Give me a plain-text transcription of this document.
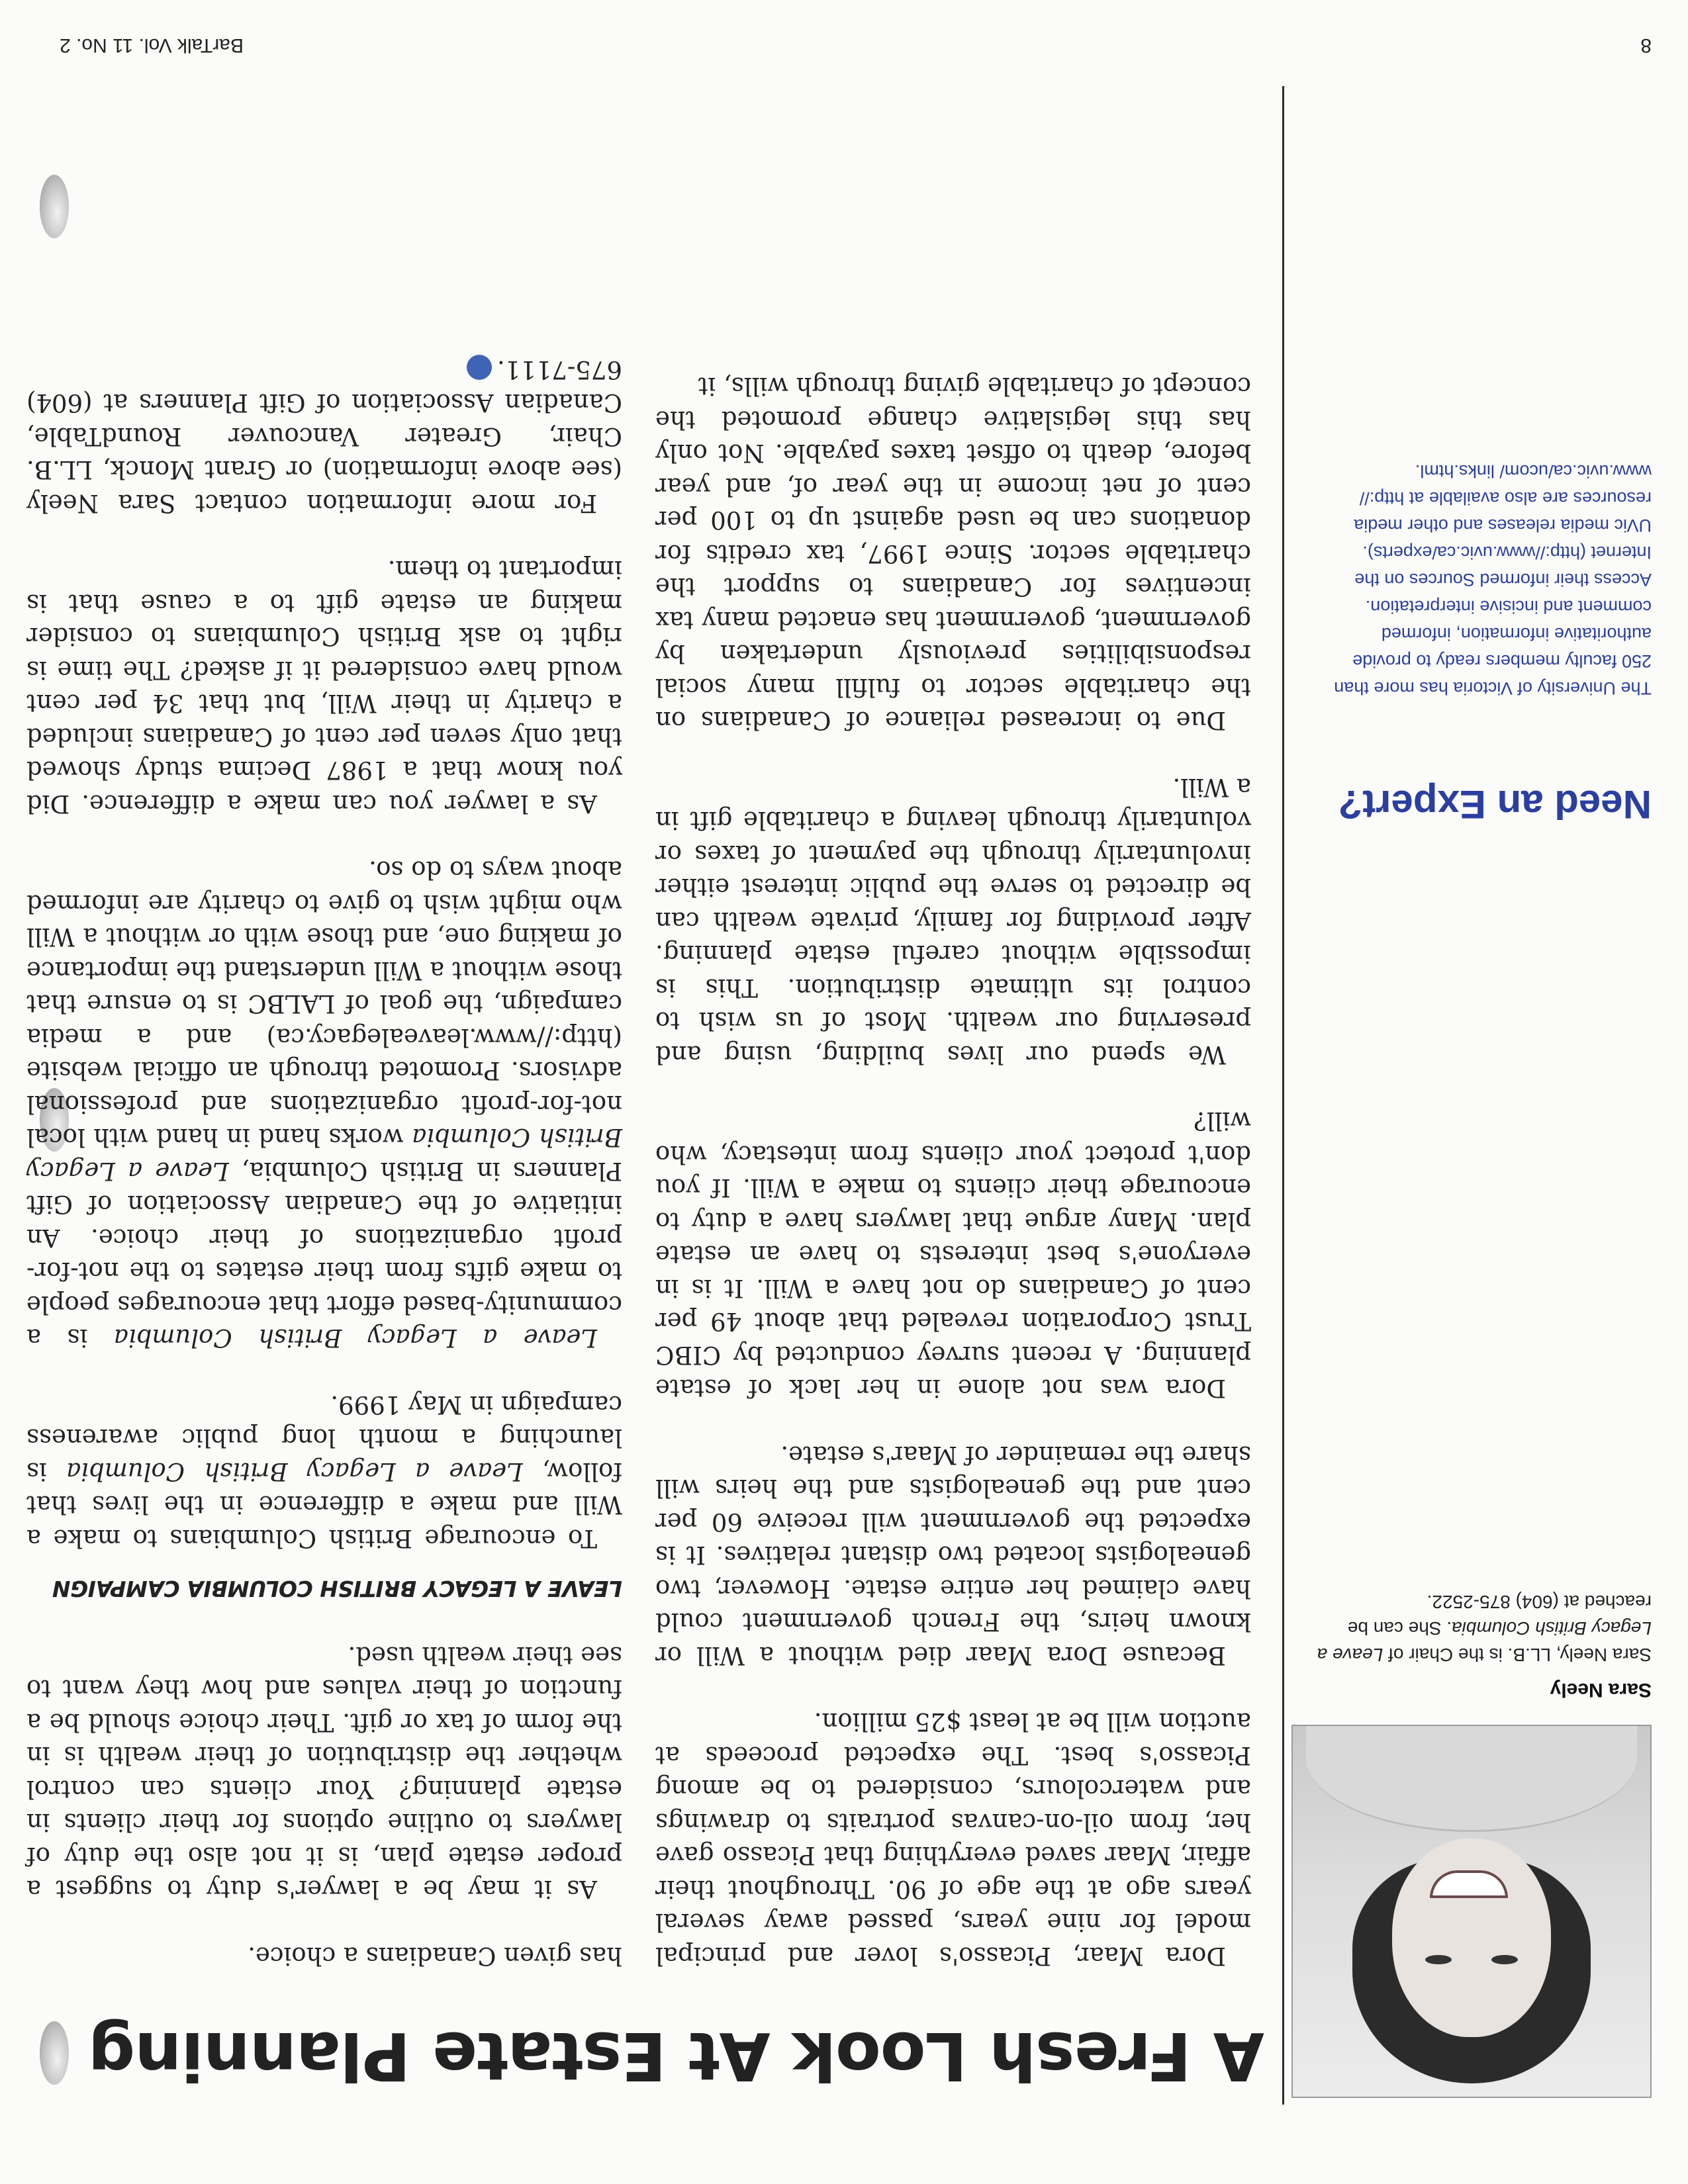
Sara Neely
Sara Neely, LL.B. is the Chair of Leave a Legacy British Columbia. She can be reached at (604) 875-2522.
Need an Expert?
The University of Victoria has more than 250 faculty members ready to provide authoritative information, informed comment and incisive interpretation. Access their informed Sources on the Internet (http://www.uvic.ca/experts). UVic media releases and other media resources are also available at http:// www.uvic.ca/ucom/ links.html.
A Fresh Look At Estate Planning

Dora Maar, Picasso's lover and principal model for nine years, passed away several years ago at the age of 90. Throughout their affair, Maar saved everything that Picasso gave her, from oil-on-canvas portraits to drawings and watercolours, considered to be among Picasso's best. The expected proceeds at auction will be at least $25 million.

Because Dora Maar died without a Will or known heirs, the French government could have claimed her entire estate. However, two genealogists located two distant relatives. It is expected the government will receive 60 per cent and the genealogists and the heirs will share the remainder of Maar's estate.

Dora was not alone in her lack of estate planning. A recent survey conducted by CIBC Trust Corporation revealed that about 49 per cent of Canadians do not have a Will. It is in everyone's best interests to have an estate plan. Many argue that lawyers have a duty to encourage their clients to make a Will. If you don't protect your clients from intestacy, who will?

We spend our lives building, using and preserving our wealth. Most of us wish to control its ultimate distribution. This is impossible without careful estate planning. After providing for family, private wealth can be directed to serve the public interest either involuntarily through the payment of taxes or voluntarily through leaving a charitable gift in a Will.

Due to increased reliance of Canadians on the charitable sector to fulfill many social responsibilities previously undertaken by government, government has enacted many tax incentives for Canadians to support the charitable sector. Since 1997, tax credits for donations can be used against up to 100 per cent of net income in the year of, and year before, death to offset taxes payable. Not only has this legislative change promoted the concept of charitable giving through wills, it

has given Canadians a choice.

As it may be a lawyer's duty to suggest a proper estate plan, is it not also the duty of lawyers to outline options for their clients in estate planning? Your clients can control whether the distribution of their wealth is in the form of tax or gift. Their choice should be a function of their values and how they want to see their wealth used.

LEAVE A LEGACY BRITISH COLUMBIA CAMPAIGN

To encourage British Columbians to make a Will and make a difference in the lives that follow, Leave a Legacy British Columbia is launching a month long public awareness campaign in May 1999.

Leave a Legacy British Columbia is a community-based effort that encourages people to make gifts from their estates to the not-for-profit organizations of their choice. An initiative of the Canadian Association of Gift Planners in British Columbia, Leave a Legacy British Columbia works hand in hand with local not-for-profit organizations and professional advisors. Promoted through an official website (http://www.leavealegacy.ca) and a media campaign, the goal of LALBC is to ensure that those without a Will understand the importance of making one, and those with or without a Will who might wish to give to charity are informed about ways to do so.

As a lawyer you can make a difference. Did you know that a 1987 Decima study showed that only seven per cent of Canadians included a charity in their Will, but that 34 per cent would have considered it if asked? The time is right to ask British Columbians to consider making an estate gift to a cause that is important to them.

For more information contact Sara Neely (see above information) or Grant Monck, LL.B. Chair, Greater Vancouver RoundTable, Canadian Association of Gift Planners at (604) 675-7111.

8
BarTalk Vol. 11 No. 2
